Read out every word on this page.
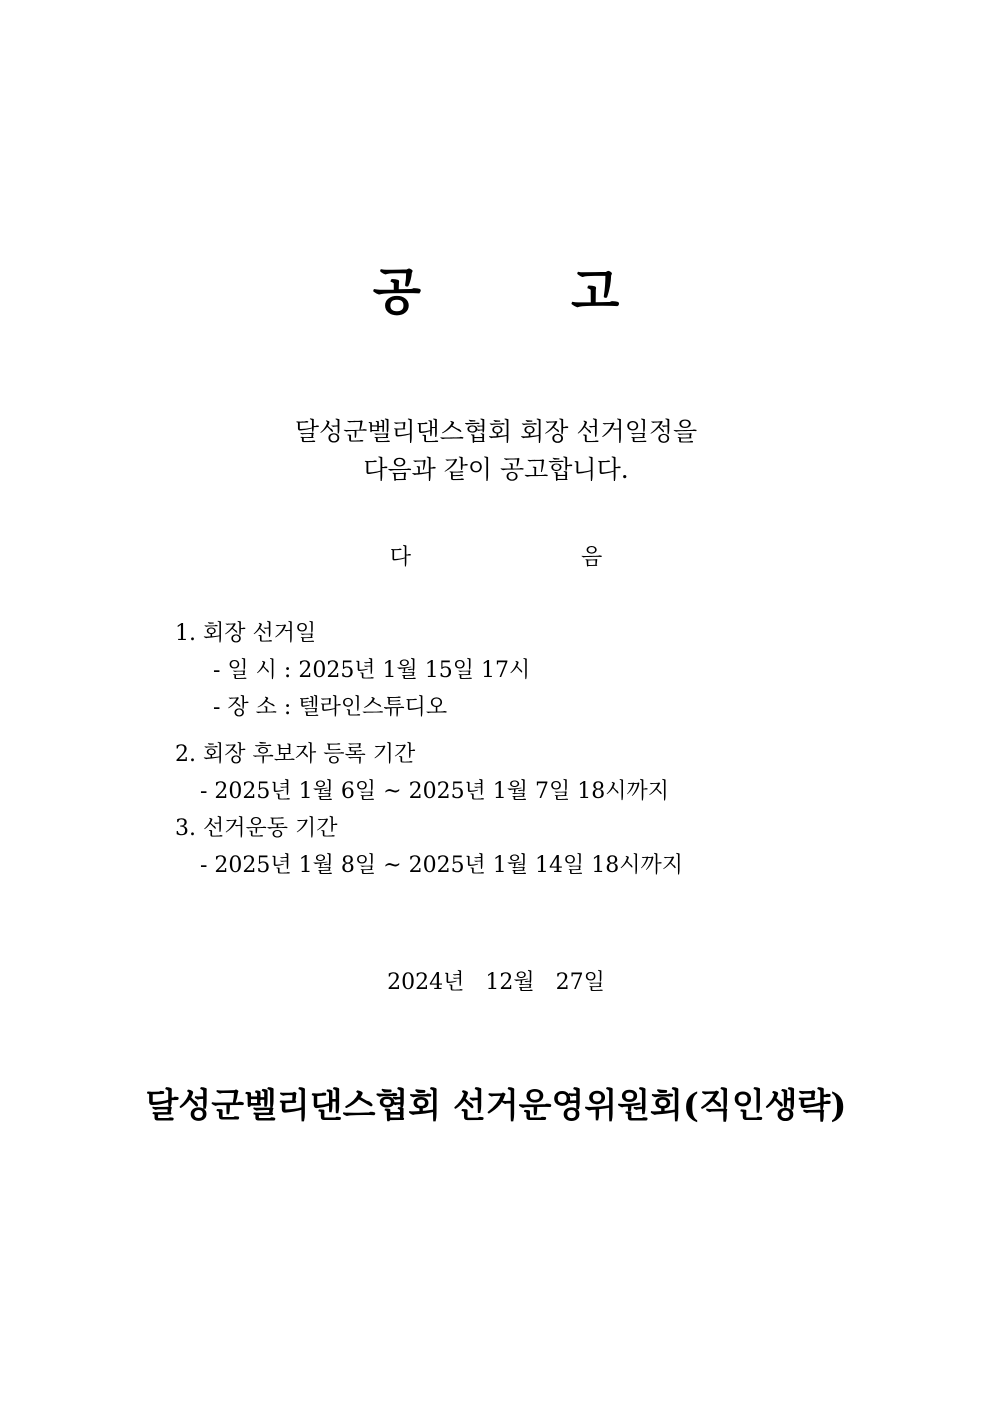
공	고
달성군벨리댄스협회 회장 선거일정을
다음과 같이 공고합니다.
다	음
1. 회장 선거일
- 일 시 : 2025년 1월 15일 17시
- 장 소 : 텔라인스튜디오
2. 회장 후보자 등록 기간
- 2025년 1월 6일 ~ 2025년 1월 7일 18시까지
3. 선거운동 기간
- 2025년 1월 8일 ~ 2025년 1월 14일 18시까지
2024년   12월   27일
달성군벨리댄스협회 선거운영위원회(직인생략)
